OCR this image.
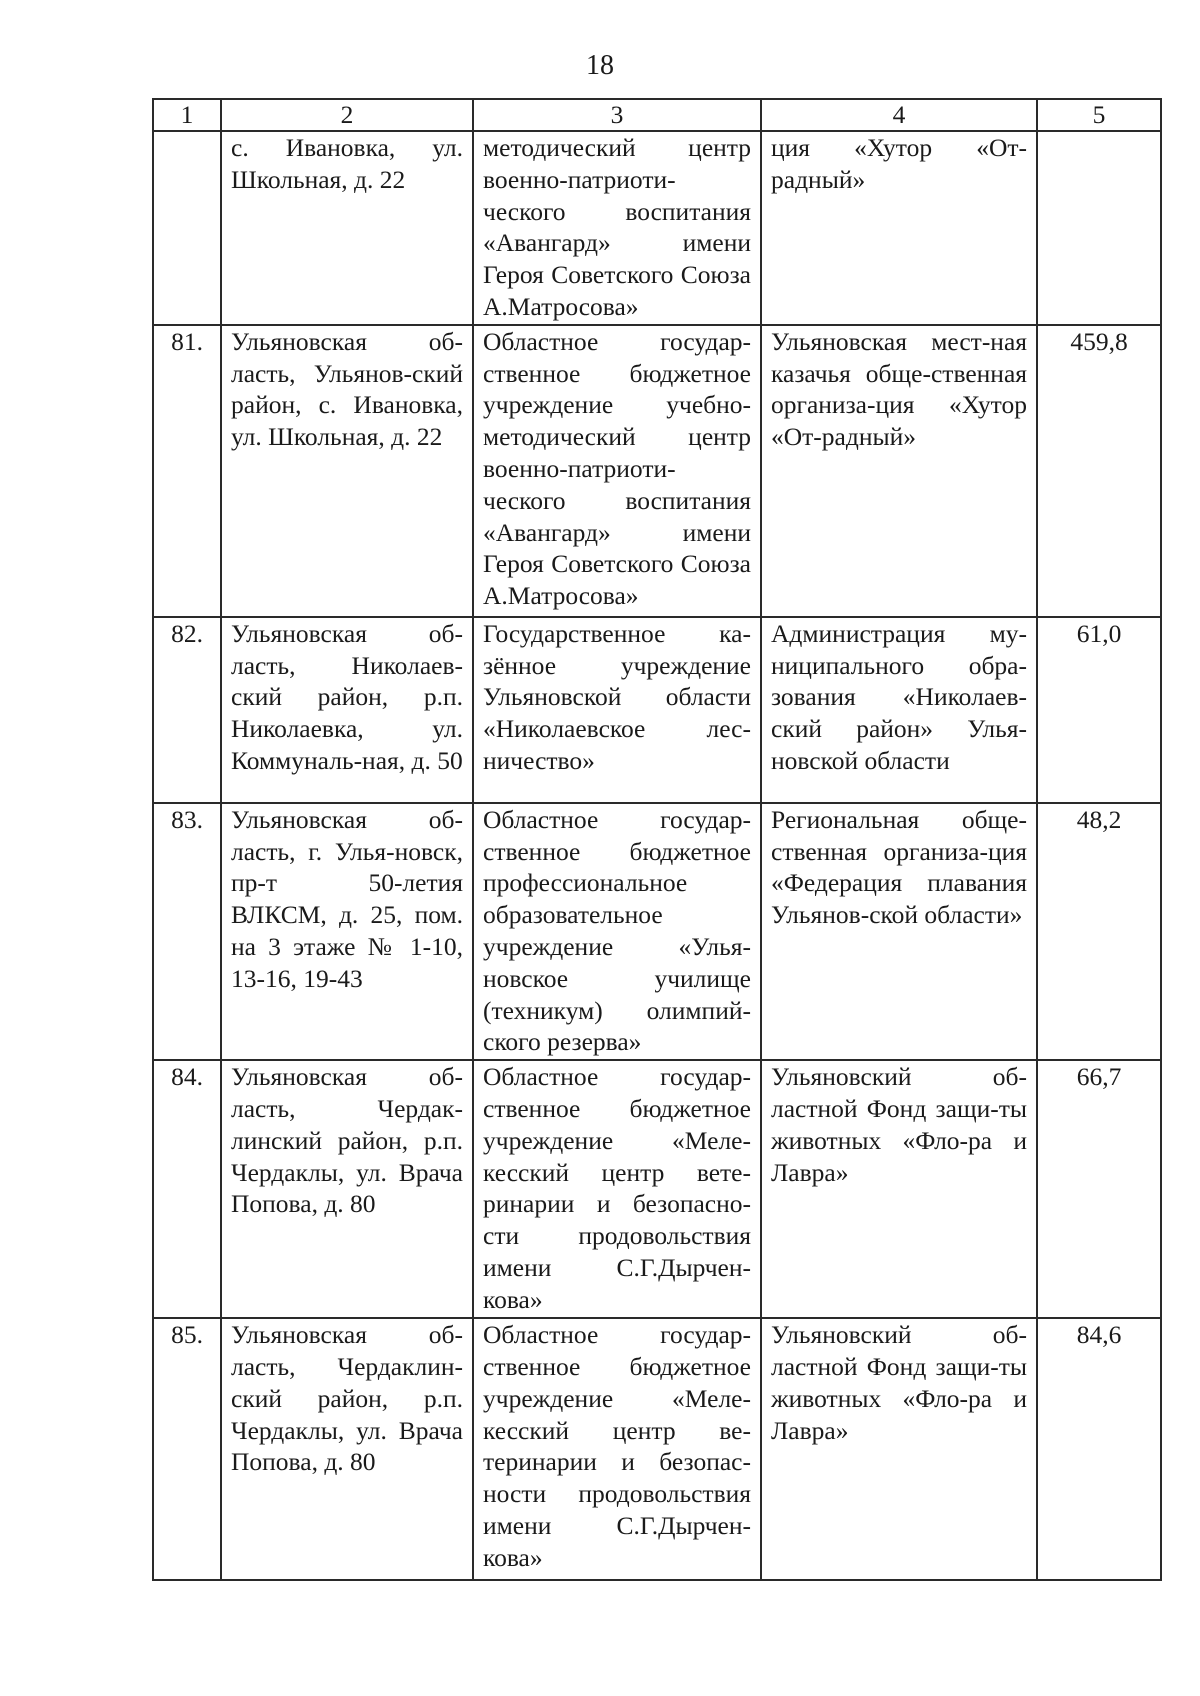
18
1	2	3	4	5
	с. Ивановка, ул. Школьная, д. 22	методический центр военно-патриоти-ческого воспитания «Авангард» имени Героя Советского Союза А.Матросова»	ция «Хутор «От-радный»	
81.	Ульяновская об-ласть, Ульянов-ский район, с. Ивановка, ул. Школьная, д. 22	Областное государ-ственное бюджетное учреждение учебно-методический центр военно-патриоти-ческого воспитания «Авангард» имени Героя Советского Союза А.Матросова»	Ульяновская мест-ная казачья обще-ственная организа-ция «Хутор «От-радный»	459,8
82.	Ульяновская об-ласть, Николаев-ский район, р.п. Николаевка, ул. Коммуналь-ная, д. 50	Государственное ка-зённое учреждение Ульяновской области «Николаевское лес-ничество»	Администрация му-ниципального обра-зования «Николаев-ский район» Улья-новской области	61,0
83.	Ульяновская об-ласть, г. Улья-новск, пр-т 50-летия ВЛКСМ, д. 25, пом. на 3 этаже № 1-10, 13-16, 19-43	Областное государ-ственное бюджетное профессиональное образовательное учреждение «Улья-новское училище (техникум) олимпий-ского резерва»	Региональная обще-ственная организа-ция «Федерация плавания Ульянов-ской области»	48,2
84.	Ульяновская об-ласть, Чердак-линский район, р.п. Чердаклы, ул. Врача Попова, д. 80	Областное государ-ственное бюджетное учреждение «Меле-кесский центр вете-ринарии и безопасно-сти продовольствия имени С.Г.Дырчен-кова»	Ульяновский об-ластной Фонд защи-ты животных «Фло-ра и Лавра»	66,7
85.	Ульяновская об-ласть, Чердаклин-ский район, р.п. Чердаклы, ул. Врача Попова, д. 80	Областное государ-ственное бюджетное учреждение «Меле-кесский центр ве-теринарии и безопас-ности продовольствия имени С.Г.Дырчен-кова»	Ульяновский об-ластной Фонд защи-ты животных «Фло-ра и Лавра»	84,6
